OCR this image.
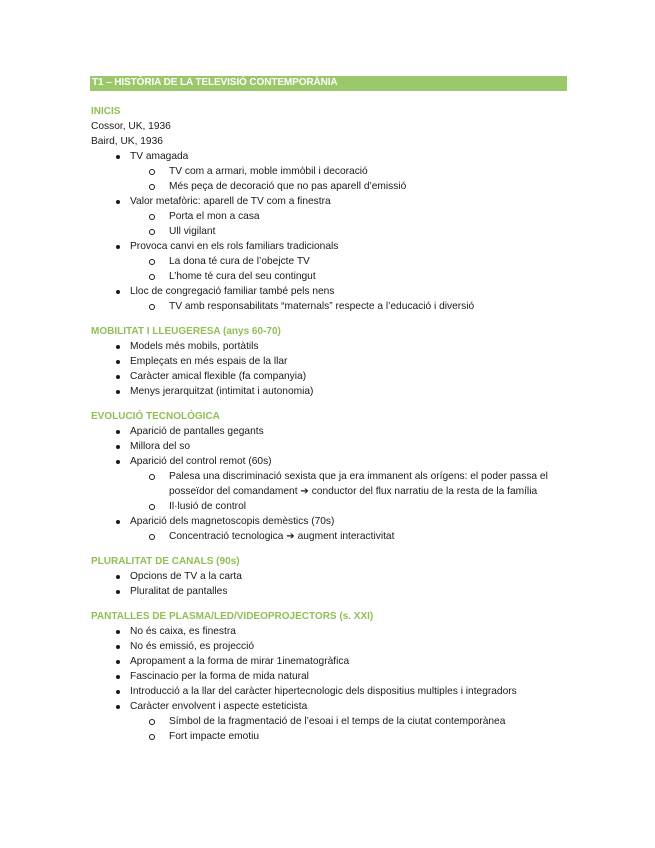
T1 – HISTÒRIA DE LA TELEVISIÓ CONTEMPORÀNIA
INICIS
Cossor, UK, 1936
Baird, UK, 1936
TV amagada
TV com a armari, moble immòbil i decoració
Més peça de decoració que no pas aparell d’emissió
Valor metafòric: aparell de TV com a finestra
Porta el mon a casa
Ull vigilant
Provoca canvi en els rols familiars tradicionals
La dona té cura de l’obejcte TV
L’home té cura del seu contingut
Lloc de congregació familiar també pels nens
TV amb responsabilitats “maternals” respecte a l’educació i diversió
MOBILITAT I LLEUGERESA (anys 60-70)
Models més mobils, portàtils
Empleçats en més espais de la llar
Caràcter amical flexible (fa companyia)
Menys jerarquitzat (intimitat i autonomia)
EVOLUCIÓ TECNOLÒGICA
Aparició de pantalles gegants
Millora del so
Aparició del control remot (60s)
Palesa una discriminació sexista que ja era immanent als orígens: el poder passa el posseïdor del comandament ➔ conductor del flux narratiu de la resta de la família
Il·lusió de control
Aparició dels magnetoscopis demèstics (70s)
Concentració tecnologica ➔ augment interactivitat
PLURALITAT DE CANALS (90s)
Opcions de TV a la carta
Pluralitat de pantalles
PANTALLES DE PLASMA/LED/VIDEOPROJECTORS (s. XXI)
No és caixa, es finestra
No és emissió, es projecció
Apropament a la forma de mirar 1inematogràfica
Fascinacio per la forma de mida natural
Introducció a la llar del caràcter hipertecnologic dels dispositius multiples i integradors
Caràcter envolvent i aspecte esteticista
Símbol de la fragmentació de l’esoai i el temps de la ciutat contemporànea
Fort impacte emotiu
